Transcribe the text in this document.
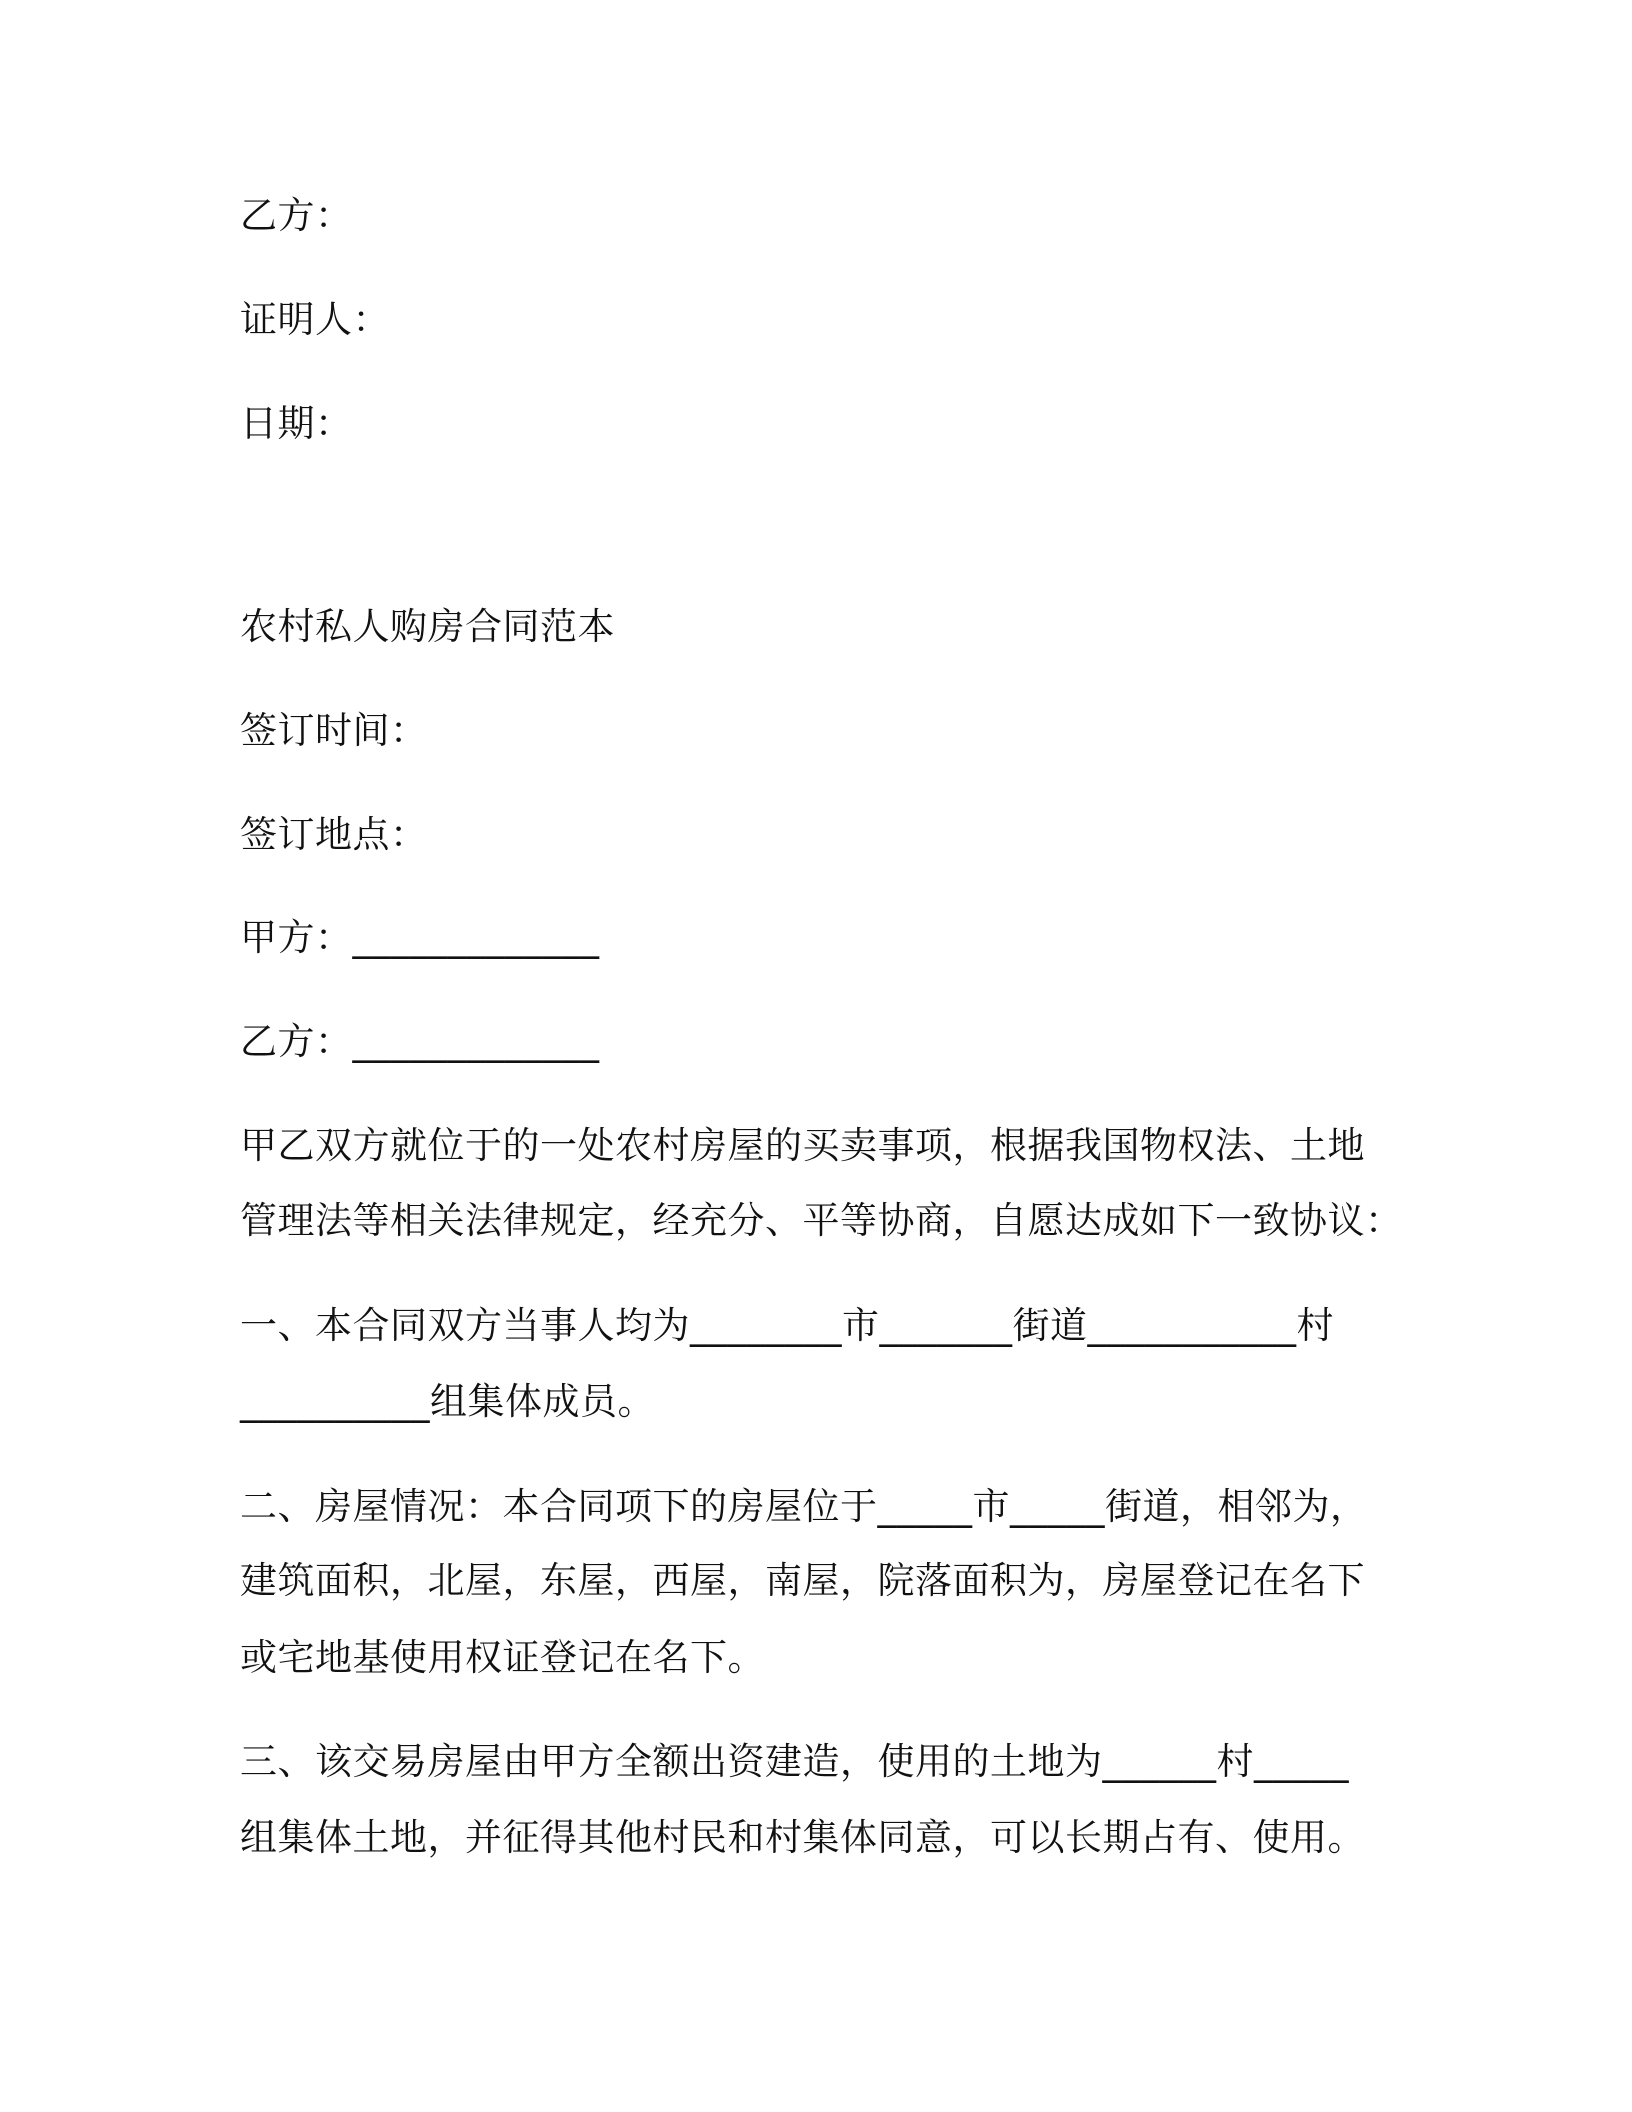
乙方：
证明人：
日期：
农村私人购房合同范本
签订时间：
签订地点：
甲方：_____________
乙方：_____________
甲乙双方就位于的一处农村房屋的买卖事项，根据我国物权法、土地
管理法等相关法律规定，经充分、平等协商，自愿达成如下一致协议：
一、本合同双方当事人均为________市_______街道___________村
__________组集体成员。
二、房屋情况：本合同项下的房屋位于_____市_____街道，相邻为，
建筑面积，北屋，东屋，西屋，南屋，院落面积为，房屋登记在名下
或宅地基使用权证登记在名下。
三、该交易房屋由甲方全额出资建造，使用的土地为______村_____
组集体土地，并征得其他村民和村集体同意，可以长期占有、使用。
